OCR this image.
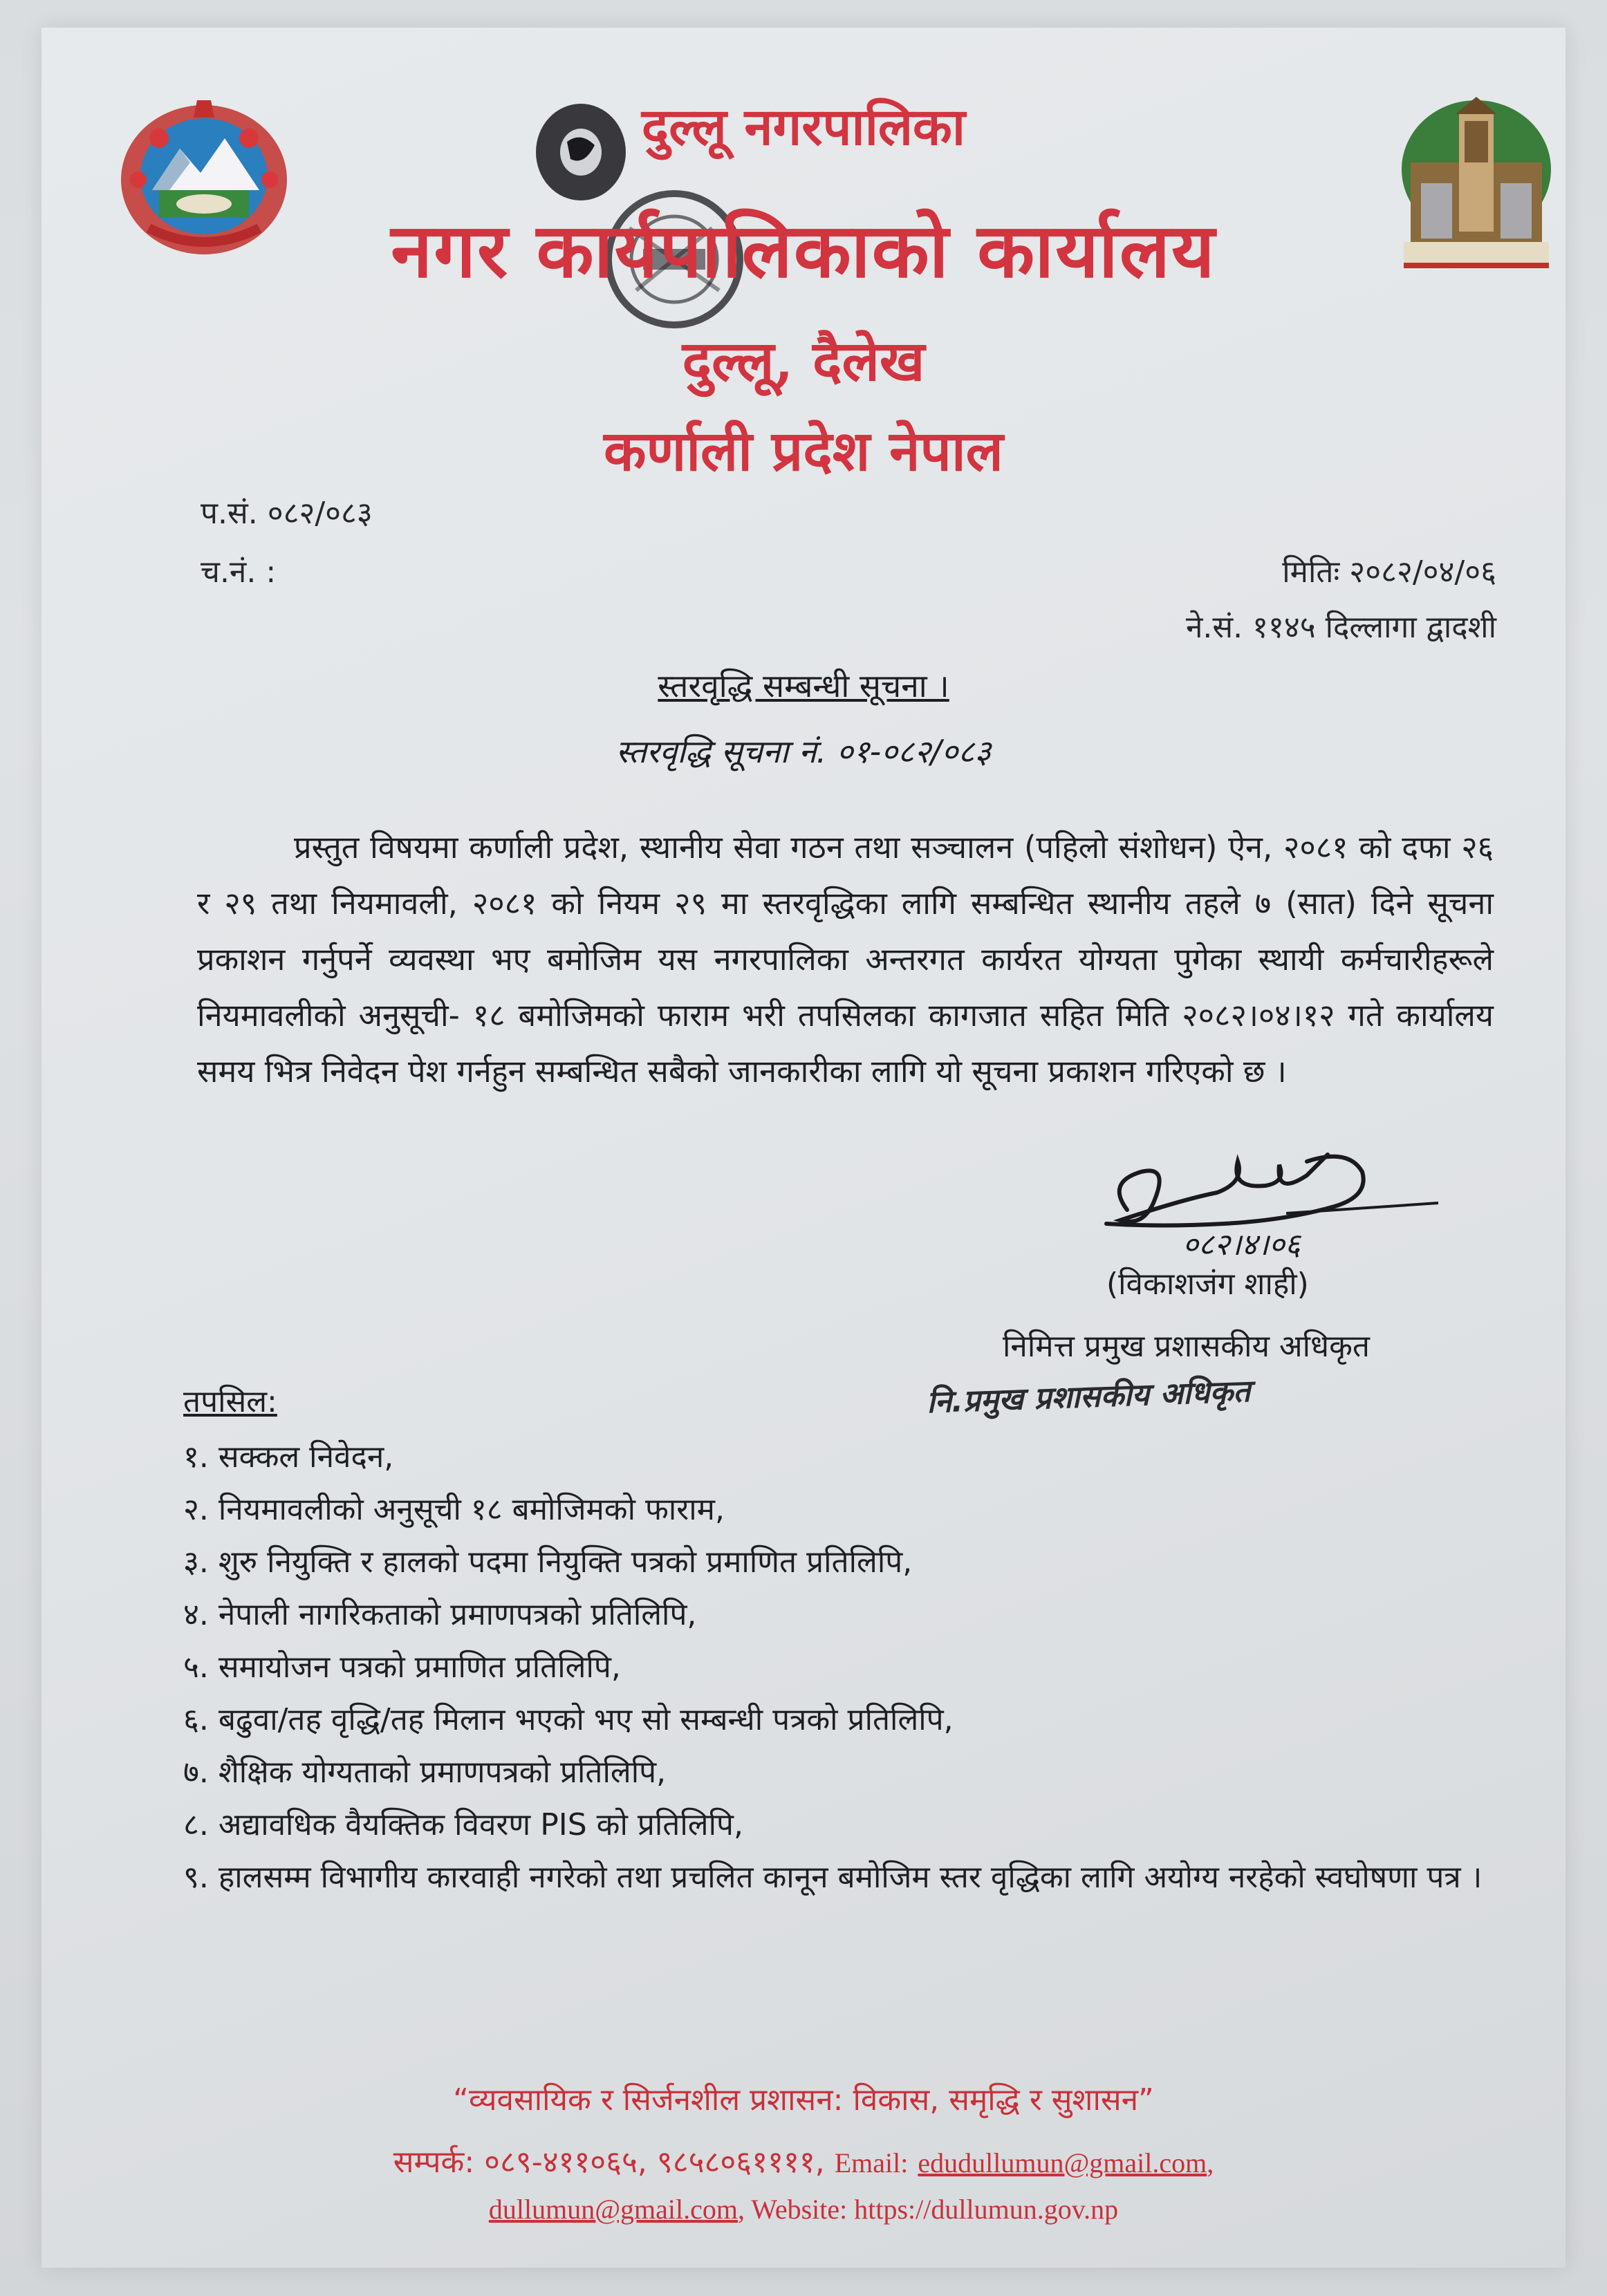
दुल्लू नगरपालिका
नगर कार्यपालिकाको कार्यालय
दुल्लू, दैलेख
कर्णाली प्रदेश नेपाल
प.सं. ०८२/०८३
च.नं. :	मितिः २०८२/०४/०६
ने.सं. ११४५ दिल्लागा द्वादशी
स्तरवृद्धि सम्बन्धी सूचना ।
स्तरवृद्धि सूचना नं. ०१-०८२/०८३
प्रस्तुत विषयमा कर्णाली प्रदेश, स्थानीय सेवा गठन तथा सञ्चालन (पहिलो संशोधन) ऐन, २०८१ को दफा २६ र २९ तथा नियमावली, २०८१ को नियम २९ मा स्तरवृद्धिका लागि सम्बन्धित स्थानीय तहले ७ (सात) दिने सूचना प्रकाशन गर्नुपर्ने व्यवस्था भए बमोजिम यस नगरपालिका अन्तरगत कार्यरत योग्यता पुगेका स्थायी कर्मचारीहरूले नियमावलीको अनुसूची- १८ बमोजिमको फाराम भरी तपसिलका कागजात सहित मिति २०८२।०४।१२ गते कार्यालय समय भित्र निवेदन पेश गर्नहुन सम्बन्धित सबैको जानकारीका लागि यो सूचना प्रकाशन गरिएको छ ।
०८२।४।०६
(विकाशजंग शाही)
निमित्त प्रमुख प्रशासकीय अधिकृत
नि.प्रमुख प्रशासकीय अधिकृत
तपसिल:
१. सक्कल निवेदन,
२. नियमावलीको अनुसूची १८ बमोजिमको फाराम,
३. शुरु नियुक्ति र हालको पदमा नियुक्ति पत्रको प्रमाणित प्रतिलिपि,
४. नेपाली नागरिकताको प्रमाणपत्रको प्रतिलिपि,
५. समायोजन पत्रको प्रमाणित प्रतिलिपि,
६. बढुवा/तह वृद्धि/तह मिलान भएको भए सो सम्बन्धी पत्रको प्रतिलिपि,
७. शैक्षिक योग्यताको प्रमाणपत्रको प्रतिलिपि,
८. अद्यावधिक वैयक्तिक विवरण PIS को प्रतिलिपि,
९. हालसम्म विभागीय कारवाही नगरेको तथा प्रचलित कानून बमोजिम स्तर वृद्धिका लागि अयोग्य नरहेको स्वघोषणा पत्र ।
“व्यवसायिक र सिर्जनशील प्रशासन: विकास, समृद्धि र सुशासन”
सम्पर्क: ०८९-४११०६५, ९८५८०६११११, Email: edudullumun@gmail.com,
dullumun@gmail.com, Website: https://dullumun.gov.np
